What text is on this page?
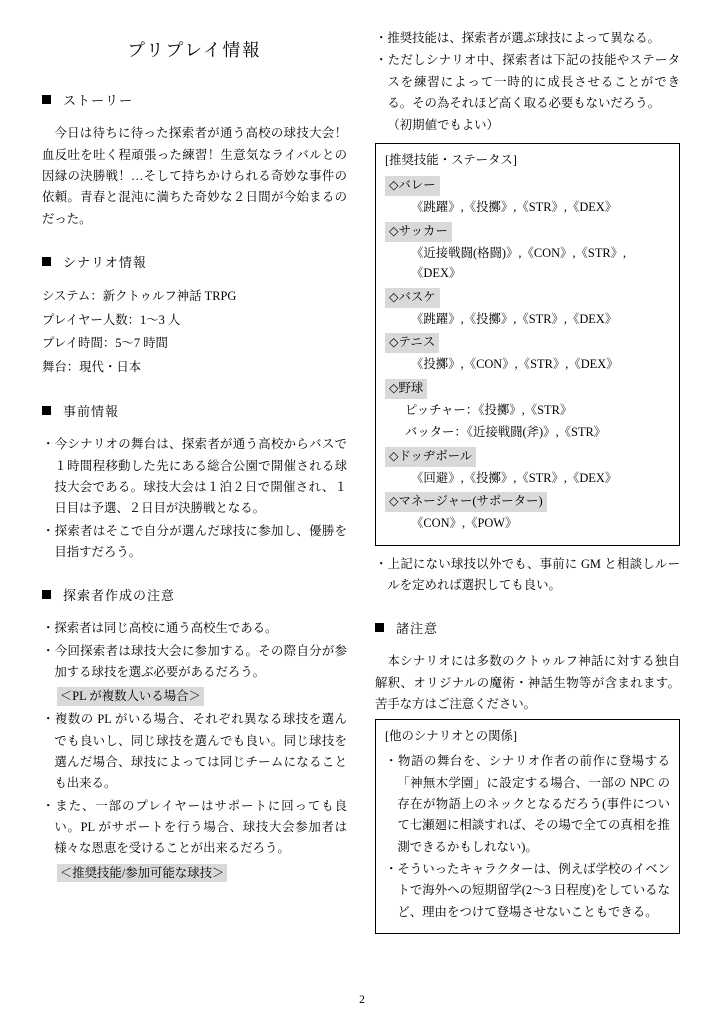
プリプレイ情報
ストーリー

今日は待ちに待った探索者が通う高校の球技大会！血反吐を吐く程頑張った練習！生意気なライバルとの因縁の決勝戦！…そして持ちかけられる奇妙な事件の依頼。青春と混沌に満ちた奇妙な２日間が今始まるのだった。

シナリオ情報

システム：新クトゥルフ神話 TRPG

プレイヤー人数：1〜3 人

プレイ時間：5〜7 時間

舞台：現代・日本

事前情報

・今シナリオの舞台は、探索者が通う高校からバスで１時間程移動した先にある総合公園で開催される球技大会である。球技大会は１泊２日で開催され、１日目は予選、２日目が決勝戦となる。

・探索者はそこで自分が選んだ球技に参加し、優勝を目指すだろう。

探索者作成の注意

・探索者は同じ高校に通う高校生である。

・今回探索者は球技大会に参加する。その際自分が参加する球技を選ぶ必要があるだろう。

＜PL が複数人いる場合＞

・複数の PL がいる場合、それぞれ異なる球技を選んでも良いし、同じ球技を選んでも良い。同じ球技を選んだ場合、球技によっては同じチームになることも出来る。

・また、一部のプレイヤーはサポートに回っても良い。PL がサポートを行う場合、球技大会参加者は様々な恩恵を受けることが出来るだろう。

＜推奨技能/参加可能な球技＞

・推奨技能は、探索者が選ぶ球技によって異なる。

・ただしシナリオ中、探索者は下記の技能やステータスを練習によって一時的に成長させることができる。その為それほど高く取る必要もないだろう。

（初期値でもよい）

[推奨技能・ステータス]

◇バレー

《跳躍》,《投擲》,《STR》,《DEX》

◇サッカー

《近接戦闘(格闘)》,《CON》,《STR》,《DEX》

◇バスケ

《跳躍》,《投擲》,《STR》,《DEX》

◇テニス

《投擲》,《CON》,《STR》,《DEX》

◇野球

ピッチャー：《投擲》,《STR》

バッター：《近接戦闘(斧)》,《STR》

◇ドッヂボール

《回避》,《投擲》,《STR》,《DEX》

◇マネージャー(サポーター)

《CON》,《POW》

・上記にない球技以外でも、事前に GM と相談しルールを定めれば選択しても良い。

諸注意

本シナリオには多数のクトゥルフ神話に対する独自解釈、オリジナルの魔術・神話生物等が含まれます。苦手な方はご注意ください。

[他のシナリオとの関係]

・物語の舞台を、シナリオ作者の前作に登場する「神無木学園」に設定する場合、一部の NPC の存在が物語上のネックとなるだろう(事件について七瀬廻に相談すれば、その場で全ての真相を推測できるかもしれない)。

・そういったキャラクターは、例えば学校のイベントで海外への短期留学(2〜3 日程度)をしているなど、理由をつけて登場させないこともできる。

2
